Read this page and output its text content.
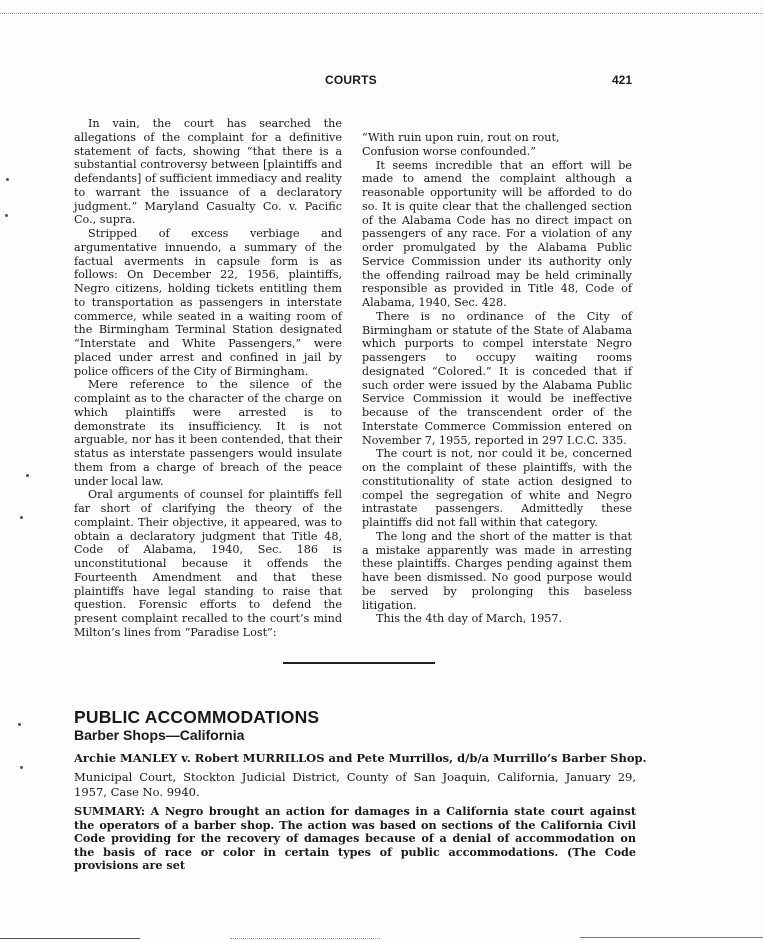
COURTS	421

In vain, the court has searched the allegations of the complaint for a definitive statement of facts, showing “that there is a substantial controversy between [plaintiffs and defendants] of sufficient immediacy and reality to warrant the issuance of a declaratory judgment.” Maryland Casualty Co. v. Pacific Co., supra.

Stripped of excess verbiage and argumentative innuendo, a summary of the factual averments in capsule form is as follows: On December 22, 1956, plaintiffs, Negro citizens, holding tickets entitling them to transportation as passengers in interstate commerce, while seated in a waiting room of the Birmingham Terminal Station designated “Interstate and White Passengers,” were placed under arrest and confined in jail by police officers of the City of Birmingham.

Mere reference to the silence of the complaint as to the character of the charge on which plaintiffs were arrested is to demonstrate its insufficiency. It is not arguable, nor has it been contended, that their status as interstate passengers would insulate them from a charge of breach of the peace under local law.

Oral arguments of counsel for plaintiffs fell far short of clarifying the theory of the complaint. Their objective, it appeared, was to obtain a declaratory judgment that Title 48, Code of Alabama, 1940, Sec. 186 is unconstitutional because it offends the Fourteenth Amendment and that these plaintiffs have legal standing to raise that question. Forensic efforts to defend the present complaint recalled to the court’s mind Milton’s lines from “Paradise Lost”:

“With ruin upon ruin, rout on rout,
Confusion worse confounded.”

It seems incredible that an effort will be made to amend the complaint although a reasonable opportunity will be afforded to do so. It is quite clear that the challenged section of the Alabama Code has no direct impact on passengers of any race. For a violation of any order promulgated by the Alabama Public Service Commission under its authority only the offending railroad may be held criminally responsible as provided in Title 48, Code of Alabama, 1940, Sec. 428.

There is no ordinance of the City of Birmingham or statute of the State of Alabama which purports to compel interstate Negro passengers to occupy waiting rooms designated “Colored.” It is conceded that if such order were issued by the Alabama Public Service Commission it would be ineffective because of the transcendent order of the Interstate Commerce Commission entered on November 7, 1955, reported in 297 I.C.C. 335.

The court is not, nor could it be, concerned on the complaint of these plaintiffs, with the constitutionality of state action designed to compel the segregation of white and Negro intrastate passengers. Admittedly these plaintiffs did not fall within that category.

The long and the short of the matter is that a mistake apparently was made in arresting these plaintiffs. Charges pending against them have been dismissed. No good purpose would be served by prolonging this baseless litigation.

This the 4th day of March, 1957.

PUBLIC ACCOMMODATIONS
Barber Shops—California
Archie MANLEY v. Robert MURRILLOS and Pete Murrillos, d/b/a Murrillo’s Barber Shop.
Municipal Court, Stockton Judicial District, County of San Joaquin, California, January 29, 1957, Case No. 9940.
SUMMARY: A Negro brought an action for damages in a California state court against the operators of a barber shop. The action was based on sections of the California Civil Code providing for the recovery of damages because of a denial of accommodation on the basis of race or color in certain types of public accommodations. (The Code provisions are set
